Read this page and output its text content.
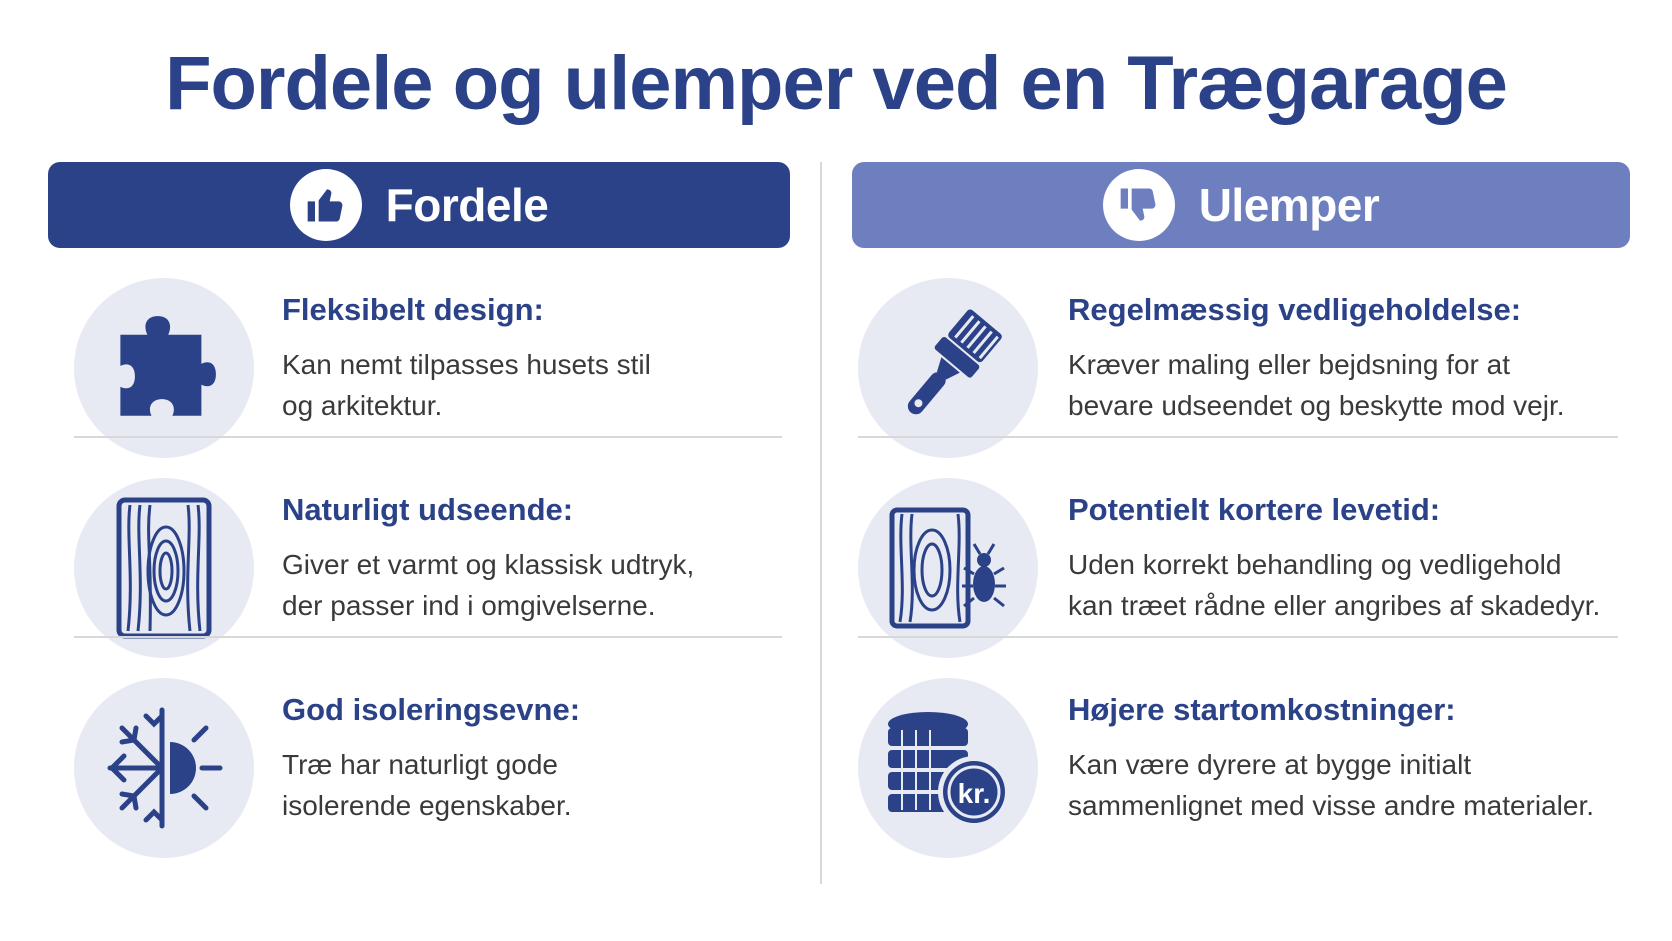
Fordele og ulemper ved en Trægarage
Fordele
Fleksibelt design:
Kan nemt tilpasses husets stil
og arkitektur.
Naturligt udseende:
Giver et varmt og klassisk udtryk,
der passer ind i omgivelserne.
God isoleringsevne:
Træ har naturligt gode
isolerende egenskaber.
Ulemper
Regelmæssig vedligeholdelse:
Kræver maling eller bejdsning for at
bevare udseendet og beskytte mod vejr.
Potentielt kortere levetid:
Uden korrekt behandling og vedligehold
kan træet rådne eller angribes af skadedyr.
kr.
Højere startomkostninger:
Kan være dyrere at bygge initialt
sammenlignet med visse andre materialer.
